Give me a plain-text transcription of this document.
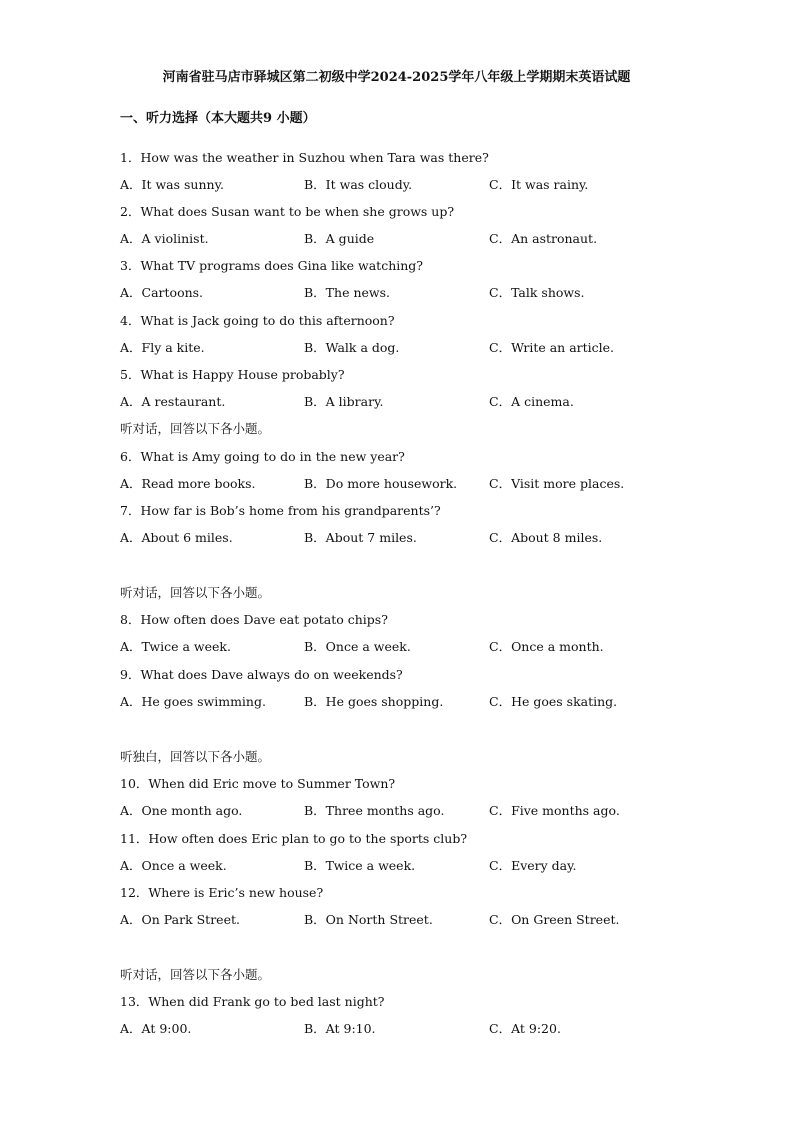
河南省驻马店市驿城区第二初级中学2024-2025学年八年级上学期期末英语试题
一、听力选择（本大题共9 小题）
1．How was the weather in Suzhou when Tara was there?
A．It was sunny.	B．It was cloudy.	C．It was rainy.
2．What does Susan want to be when she grows up?
A．A violinist.	B．A guide	C．An astronaut.
3．What TV programs does Gina like watching?
A．Cartoons.	B．The news.	C．Talk shows.
4．What is Jack going to do this afternoon?
A．Fly a kite.	B．Walk a dog.	C．Write an article.
5．What is Happy House probably?
A．A restaurant.	B．A library.	C．A cinema.
听对话，回答以下各小题。
6．What is Amy going to do in the new year?
A．Read more books.	B．Do more housework.	C．Visit more places.
7．How far is Bob’s home from his grandparents’?
A．About 6 miles.	B．About 7 miles.	C．About 8 miles.
听对话，回答以下各小题。
8．How often does Dave eat potato chips?
A．Twice a week.	B．Once a week.	C．Once a month.
9．What does Dave always do on weekends?
A．He goes swimming.	B．He goes shopping.	C．He goes skating.
听独白，回答以下各小题。
10．When did Eric move to Summer Town?
A．One month ago.	B．Three months ago.	C．Five months ago.
11．How often does Eric plan to go to the sports club?
A．Once a week.	B．Twice a week.	C．Every day.
12．Where is Eric’s new house?
A．On Park Street.	B．On North Street.	C．On Green Street.
听对话，回答以下各小题。
13．When did Frank go to bed last night?
A．At 9:00.	B．At 9:10.	C．At 9:20.
